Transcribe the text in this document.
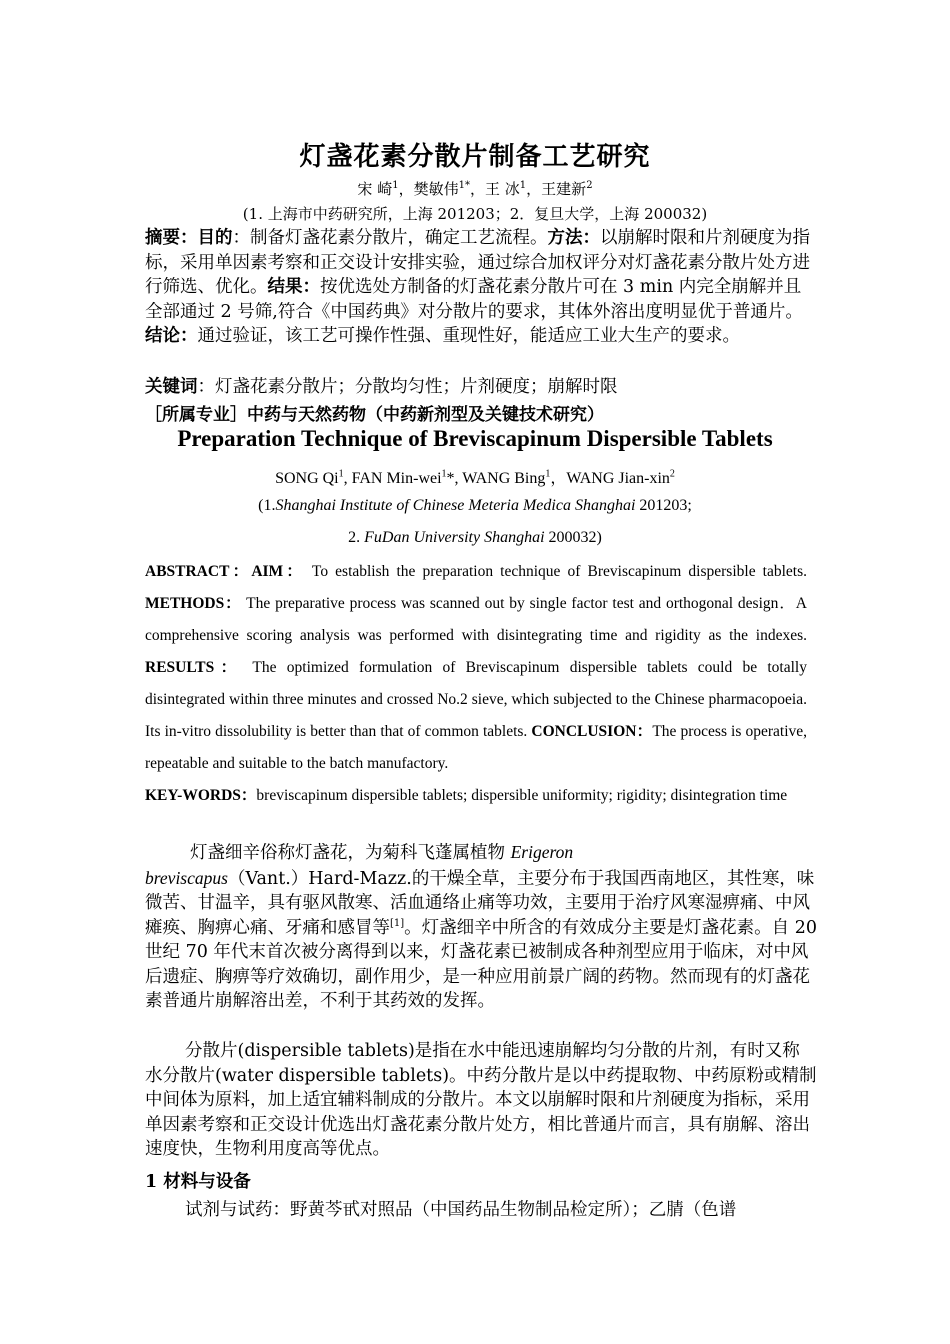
灯盏花素分散片制备工艺研究
宋 崎$^1$，樊敏伟$^{1*}$，王 冰$^1$，王建新$^2$
(1. 上海市中药研究所，上海 201203；2．复旦大学，上海 200032)
摘要：目的：制备灯盏花素分散片，确定工艺流程。方法：以崩解时限和片剂硬度为指标，采用单因素考察和正交设计安排实验，通过综合加权评分对灯盏花素分散片处方进行筛选、优化。结果：按优选处方制备的灯盏花素分散片可在 3 min 内完全崩解并且全部通过 2 号筛,符合《中国药典》对分散片的要求，其体外溶出度明显优于普通片。结论：通过验证，该工艺可操作性强、重现性好，能适应工业大生产的要求。
关键词：灯盏花素分散片；分散均匀性；片剂硬度；崩解时限
［所属专业］中药与天然药物（中药新剂型及关键技术研究）
Preparation Technique of Breviscapinum Dispersible Tablets
SONG Qi$^1$, FAN Min-wei$^1$*, WANG Bing$^1$，WANG Jian-xin$^2$
(1.Shanghai Institute of Chinese Meteria Medica Shanghai 201203;
2. FuDan University Shanghai 200032)
ABSTRACT：AIM： To establish the preparation technique of Breviscapinum dispersible tablets. METHODS： The preparative process was scanned out by single factor test and orthogonal design．A comprehensive scoring analysis was performed with disintegrating time and rigidity as the indexes. RESULTS： The optimized formulation of Breviscapinum dispersible tablets could be totally disintegrated within three minutes and crossed No.2 sieve, which subjected to the Chinese pharmacopoeia. Its in-vitro dissolubility is better than that of common tablets. CONCLUSION：The process is operative, repeatable and suitable to the batch manufactory.
KEY-WORDS：breviscapinum dispersible tablets; dispersible uniformity; rigidity; disintegration time
灯盏细辛俗称灯盏花，为菊科飞蓬属植物 Erigeron
breviscapus（Vant.）Hard-Mazz.的干燥全草，主要分布于我国西南地区，其性寒，味微苦、甘温辛，具有驱风散寒、活血通络止痛等功效，主要用于治疗风寒湿痹痛、中风瘫痪、胸痹心痛、牙痛和感冒等[1]。灯盏细辛中所含的有效成分主要是灯盏花素。自 20 世纪 70 年代末首次被分离得到以来，灯盏花素已被制成各种剂型应用于临床，对中风后遗症、胸痹等疗效确切，副作用少，是一种应用前景广阔的药物。然而现有的灯盏花素普通片崩解溶出差，不利于其药效的发挥。
分散片(dispersible tablets)是指在水中能迅速崩解均匀分散的片剂，有时又称水分散片(water dispersible tablets)。中药分散片是以中药提取物、中药原粉或精制中间体为原料，加上适宜辅料制成的分散片。本文以崩解时限和片剂硬度为指标，采用单因素考察和正交设计优选出灯盏花素分散片处方，相比普通片而言，具有崩解、溶出速度快，生物利用度高等优点。
1 材料与设备
试剂与试药：野黄芩甙对照品（中国药品生物制品检定所）；乙腈（色谱
